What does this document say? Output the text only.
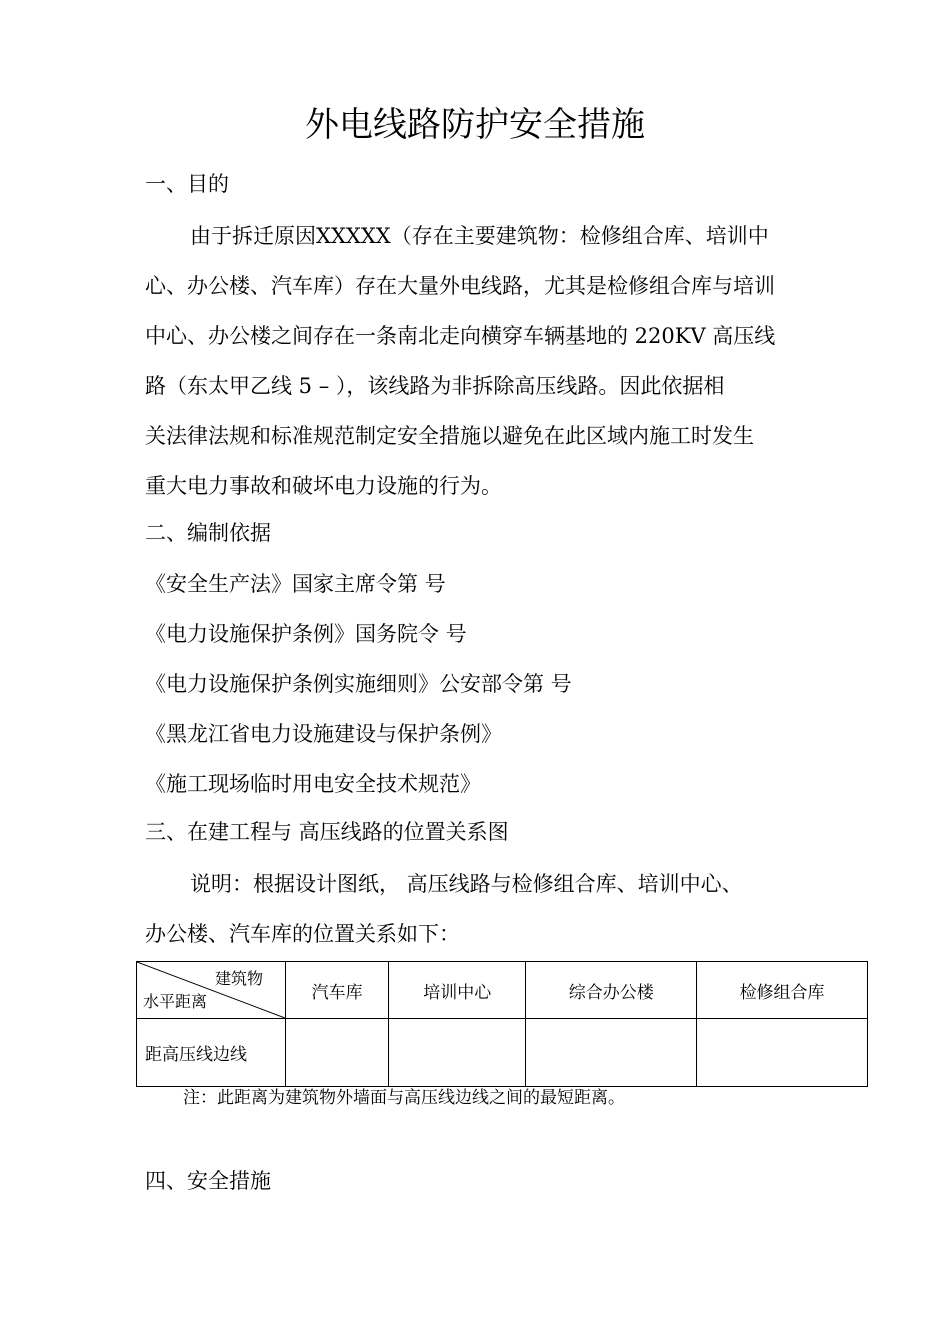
外电线路防护安全措施
一、目的
由于拆迁原因XXXXX（存在主要建筑物：检修组合库、培训中
心、办公楼、汽车库）存在大量外电线路，尤其是检修组合库与培训
中心、办公楼之间存在一条南北走向横穿车辆基地的 220KV 高压线
路（东太甲乙线 5 – ），该线路为非拆除高压线路。因此依据相
关法律法规和标准规范制定安全措施以避免在此区域内施工时发生
重大电力事故和破坏电力设施的行为。
二、编制依据
《安全生产法》国家主席令第 号
《电力设施保护条例》国务院令 号
《电力设施保护条例实施细则》公安部令第 号
《黑龙江省电力设施建设与保护条例》
《施工现场临时用电安全技术规范》
三、在建工程与 高压线路的位置关系图
说明：根据设计图纸， 高压线路与检修组合库、培训中心、
办公楼、汽车库的位置关系如下：
建筑物
水平距离	汽车库	培训中心	综合办公楼	检修组合库
距高压线边线				
注：此距离为建筑物外墙面与高压线边线之间的最短距离。
四、安全措施
